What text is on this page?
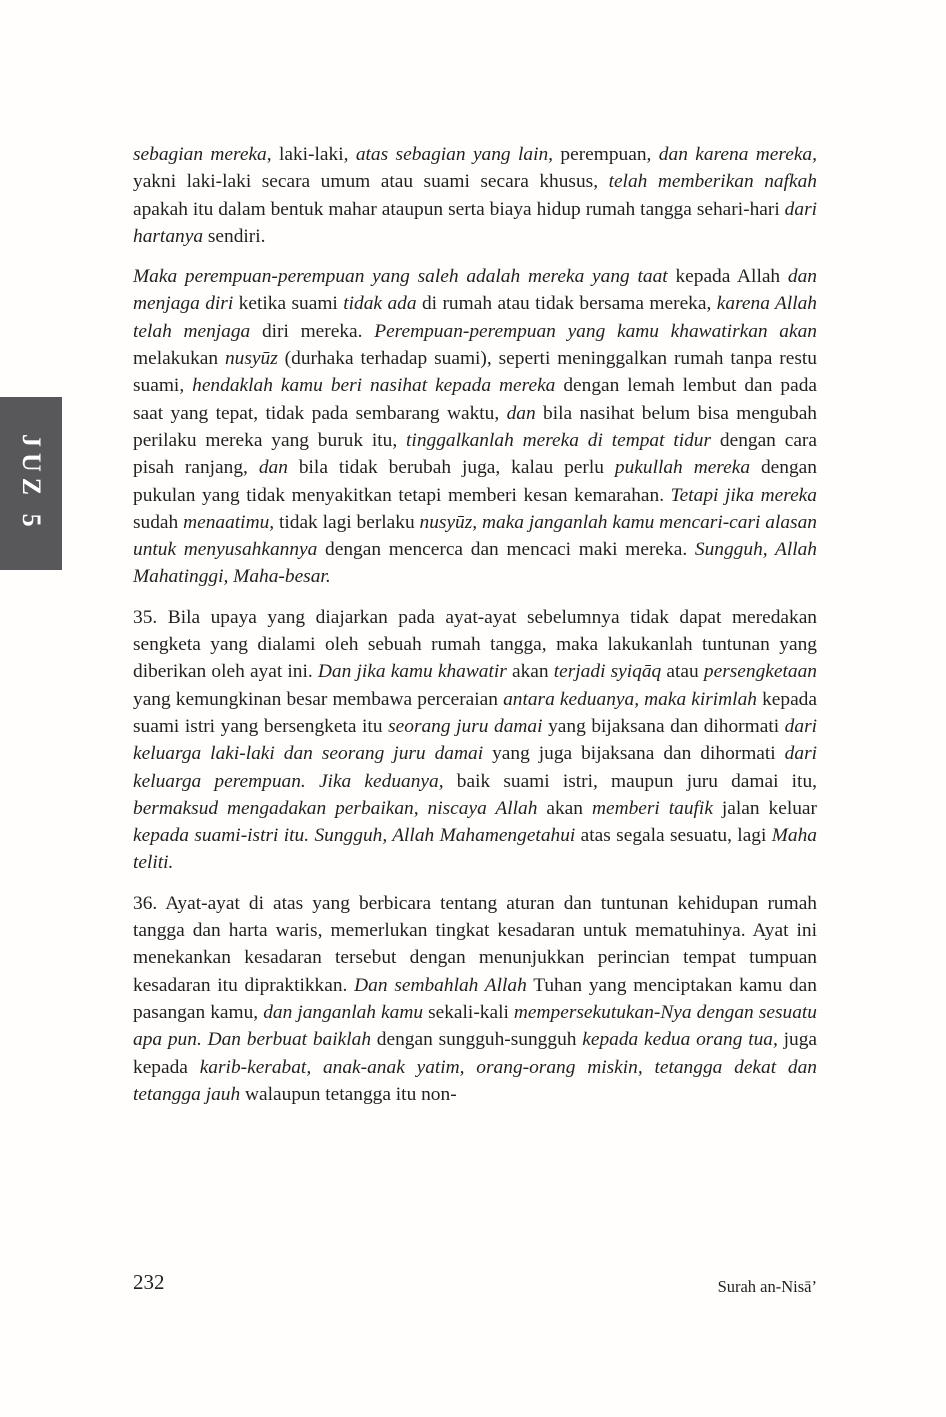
JUZ 5

sebagian mereka, laki-laki, atas sebagian yang lain, perempuan, dan karena mereka, yakni laki-laki secara umum atau suami secara khusus, telah memberikan nafkah apakah itu dalam bentuk mahar ataupun serta biaya hidup rumah tangga sehari-hari dari hartanya sendiri.

Maka perempuan-perempuan yang saleh adalah mereka yang taat kepada Allah dan menjaga diri ketika suami tidak ada di rumah atau tidak bersama mereka, karena Allah telah menjaga diri mereka. Perempuan-perempuan yang kamu khawatirkan akan melakukan nusyūz (durhaka terhadap suami), seperti meninggalkan rumah tanpa restu suami, hendaklah kamu beri nasihat kepada mereka dengan lemah lembut dan pada saat yang tepat, tidak pada sembarang waktu, dan bila nasihat belum bisa mengubah perilaku mereka yang buruk itu, tinggalkanlah mereka di tempat tidur dengan cara pisah ranjang, dan bila tidak berubah juga, kalau perlu pukullah mereka dengan pukulan yang tidak menyakitkan tetapi memberi kesan kemarahan. Tetapi jika mereka sudah menaatimu, tidak lagi berlaku nusyūz, maka janganlah kamu mencari-cari alasan untuk menyusahkannya dengan mencerca dan mencaci maki mereka. Sungguh, Allah Mahatinggi, Maha-besar.

35. Bila upaya yang diajarkan pada ayat-ayat sebelumnya tidak dapat meredakan sengketa yang dialami oleh sebuah rumah tangga, maka lakukanlah tuntunan yang diberikan oleh ayat ini. Dan jika kamu khawatir akan terjadi syiqāq atau persengketaan yang kemungkinan besar membawa perceraian antara keduanya, maka kirimlah kepada suami istri yang bersengketa itu seorang juru damai yang bijaksana dan dihormati dari keluarga laki-laki dan seorang juru damai yang juga bijaksana dan dihormati dari keluarga perempuan. Jika keduanya, baik suami istri, maupun juru damai itu, bermaksud mengadakan perbaikan, niscaya Allah akan memberi taufik jalan keluar kepada suami-istri itu. Sungguh, Allah Mahamengetahui atas segala sesuatu, lagi Maha teliti.

36. Ayat-ayat di atas yang berbicara tentang aturan dan tuntunan kehidupan rumah tangga dan harta waris, memerlukan tingkat kesadaran untuk mematuhinya. Ayat ini menekankan kesadaran tersebut dengan menunjukkan perincian tempat tumpuan kesadaran itu dipraktikkan. Dan sembahlah Allah Tuhan yang menciptakan kamu dan pasangan kamu, dan janganlah kamu sekali-kali mempersekutukan-Nya dengan sesuatu apa pun. Dan berbuat baiklah dengan sungguh-sungguh kepada kedua orang tua, juga kepada karib-kerabat, anak-anak yatim, orang-orang miskin, tetangga dekat dan tetangga jauh walaupun tetangga itu non-

232	Surah an-Nisā’
